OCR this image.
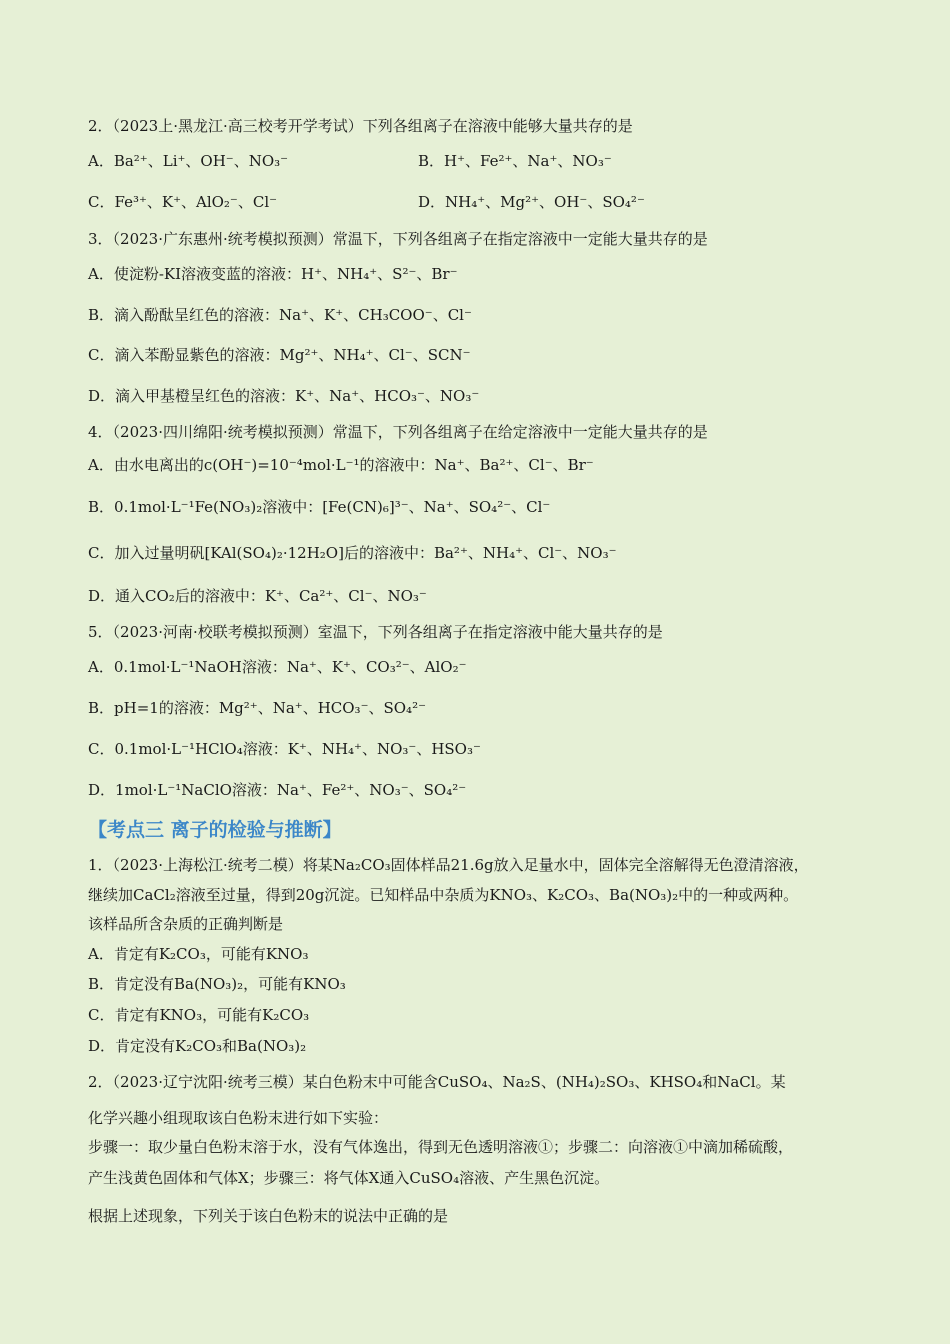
2．（2023上·黑龙江·高三校考开学考试）下列各组离子在溶液中能够大量共存的是
A．Ba²⁺、Li⁺、OH⁻、NO₃⁻	B．H⁺、Fe²⁺、Na⁺、NO₃⁻
C．Fe³⁺、K⁺、AlO₂⁻、Cl⁻	D．NH₄⁺、Mg²⁺、OH⁻、SO₄²⁻
3．（2023·广东惠州·统考模拟预测）常温下，下列各组离子在指定溶液中一定能大量共存的是
A．使淀粉-KI溶液变蓝的溶液：H⁺、NH₄⁺、S²⁻、Br⁻
B．滴入酚酞呈红色的溶液：Na⁺、K⁺、CH₃COO⁻、Cl⁻
C．滴入苯酚显紫色的溶液：Mg²⁺、NH₄⁺、Cl⁻、SCN⁻
D．滴入甲基橙呈红色的溶液：K⁺、Na⁺、HCO₃⁻、NO₃⁻
4．（2023·四川绵阳·统考模拟预测）常温下，下列各组离子在给定溶液中一定能大量共存的是
A．由水电离出的c(OH⁻)=10⁻⁴mol·L⁻¹的溶液中：Na⁺、Ba²⁺、Cl⁻、Br⁻
B．0.1mol·L⁻¹Fe(NO₃)₂溶液中：[Fe(CN)₆]³⁻、Na⁺、SO₄²⁻、Cl⁻
C．加入过量明矾[KAl(SO₄)₂·12H₂O]后的溶液中：Ba²⁺、NH₄⁺、Cl⁻、NO₃⁻
D．通入CO₂后的溶液中：K⁺、Ca²⁺、Cl⁻、NO₃⁻
5．（2023·河南·校联考模拟预测）室温下，下列各组离子在指定溶液中能大量共存的是
A．0.1mol·L⁻¹NaOH溶液：Na⁺、K⁺、CO₃²⁻、AlO₂⁻
B．pH=1的溶液：Mg²⁺、Na⁺、HCO₃⁻、SO₄²⁻
C．0.1mol·L⁻¹HClO₄溶液：K⁺、NH₄⁺、NO₃⁻、HSO₃⁻
D．1mol·L⁻¹NaClO溶液：Na⁺、Fe²⁺、NO₃⁻、SO₄²⁻
【考点三 离子的检验与推断】
1．（2023·上海松江·统考二模）将某Na₂CO₃固体样品21.6g放入足量水中，固体完全溶解得无色澄清溶液，
继续加CaCl₂溶液至过量，得到20g沉淀。已知样品中杂质为KNO₃、K₂CO₃、Ba(NO₃)₂中的一种或两种。
该样品所含杂质的正确判断是
A．肯定有K₂CO₃，可能有KNO₃
B．肯定没有Ba(NO₃)₂，可能有KNO₃
C．肯定有KNO₃，可能有K₂CO₃
D．肯定没有K₂CO₃和Ba(NO₃)₂
2．（2023·辽宁沈阳·统考三模）某白色粉末中可能含CuSO₄、Na₂S、(NH₄)₂SO₃、KHSO₄和NaCl。某
化学兴趣小组现取该白色粉末进行如下实验：
步骤一：取少量白色粉末溶于水，没有气体逸出，得到无色透明溶液①；步骤二：向溶液①中滴加稀硫酸，
产生浅黄色固体和气体X；步骤三：将气体X通入CuSO₄溶液、产生黑色沉淀。
根据上述现象，下列关于该白色粉末的说法中正确的是
